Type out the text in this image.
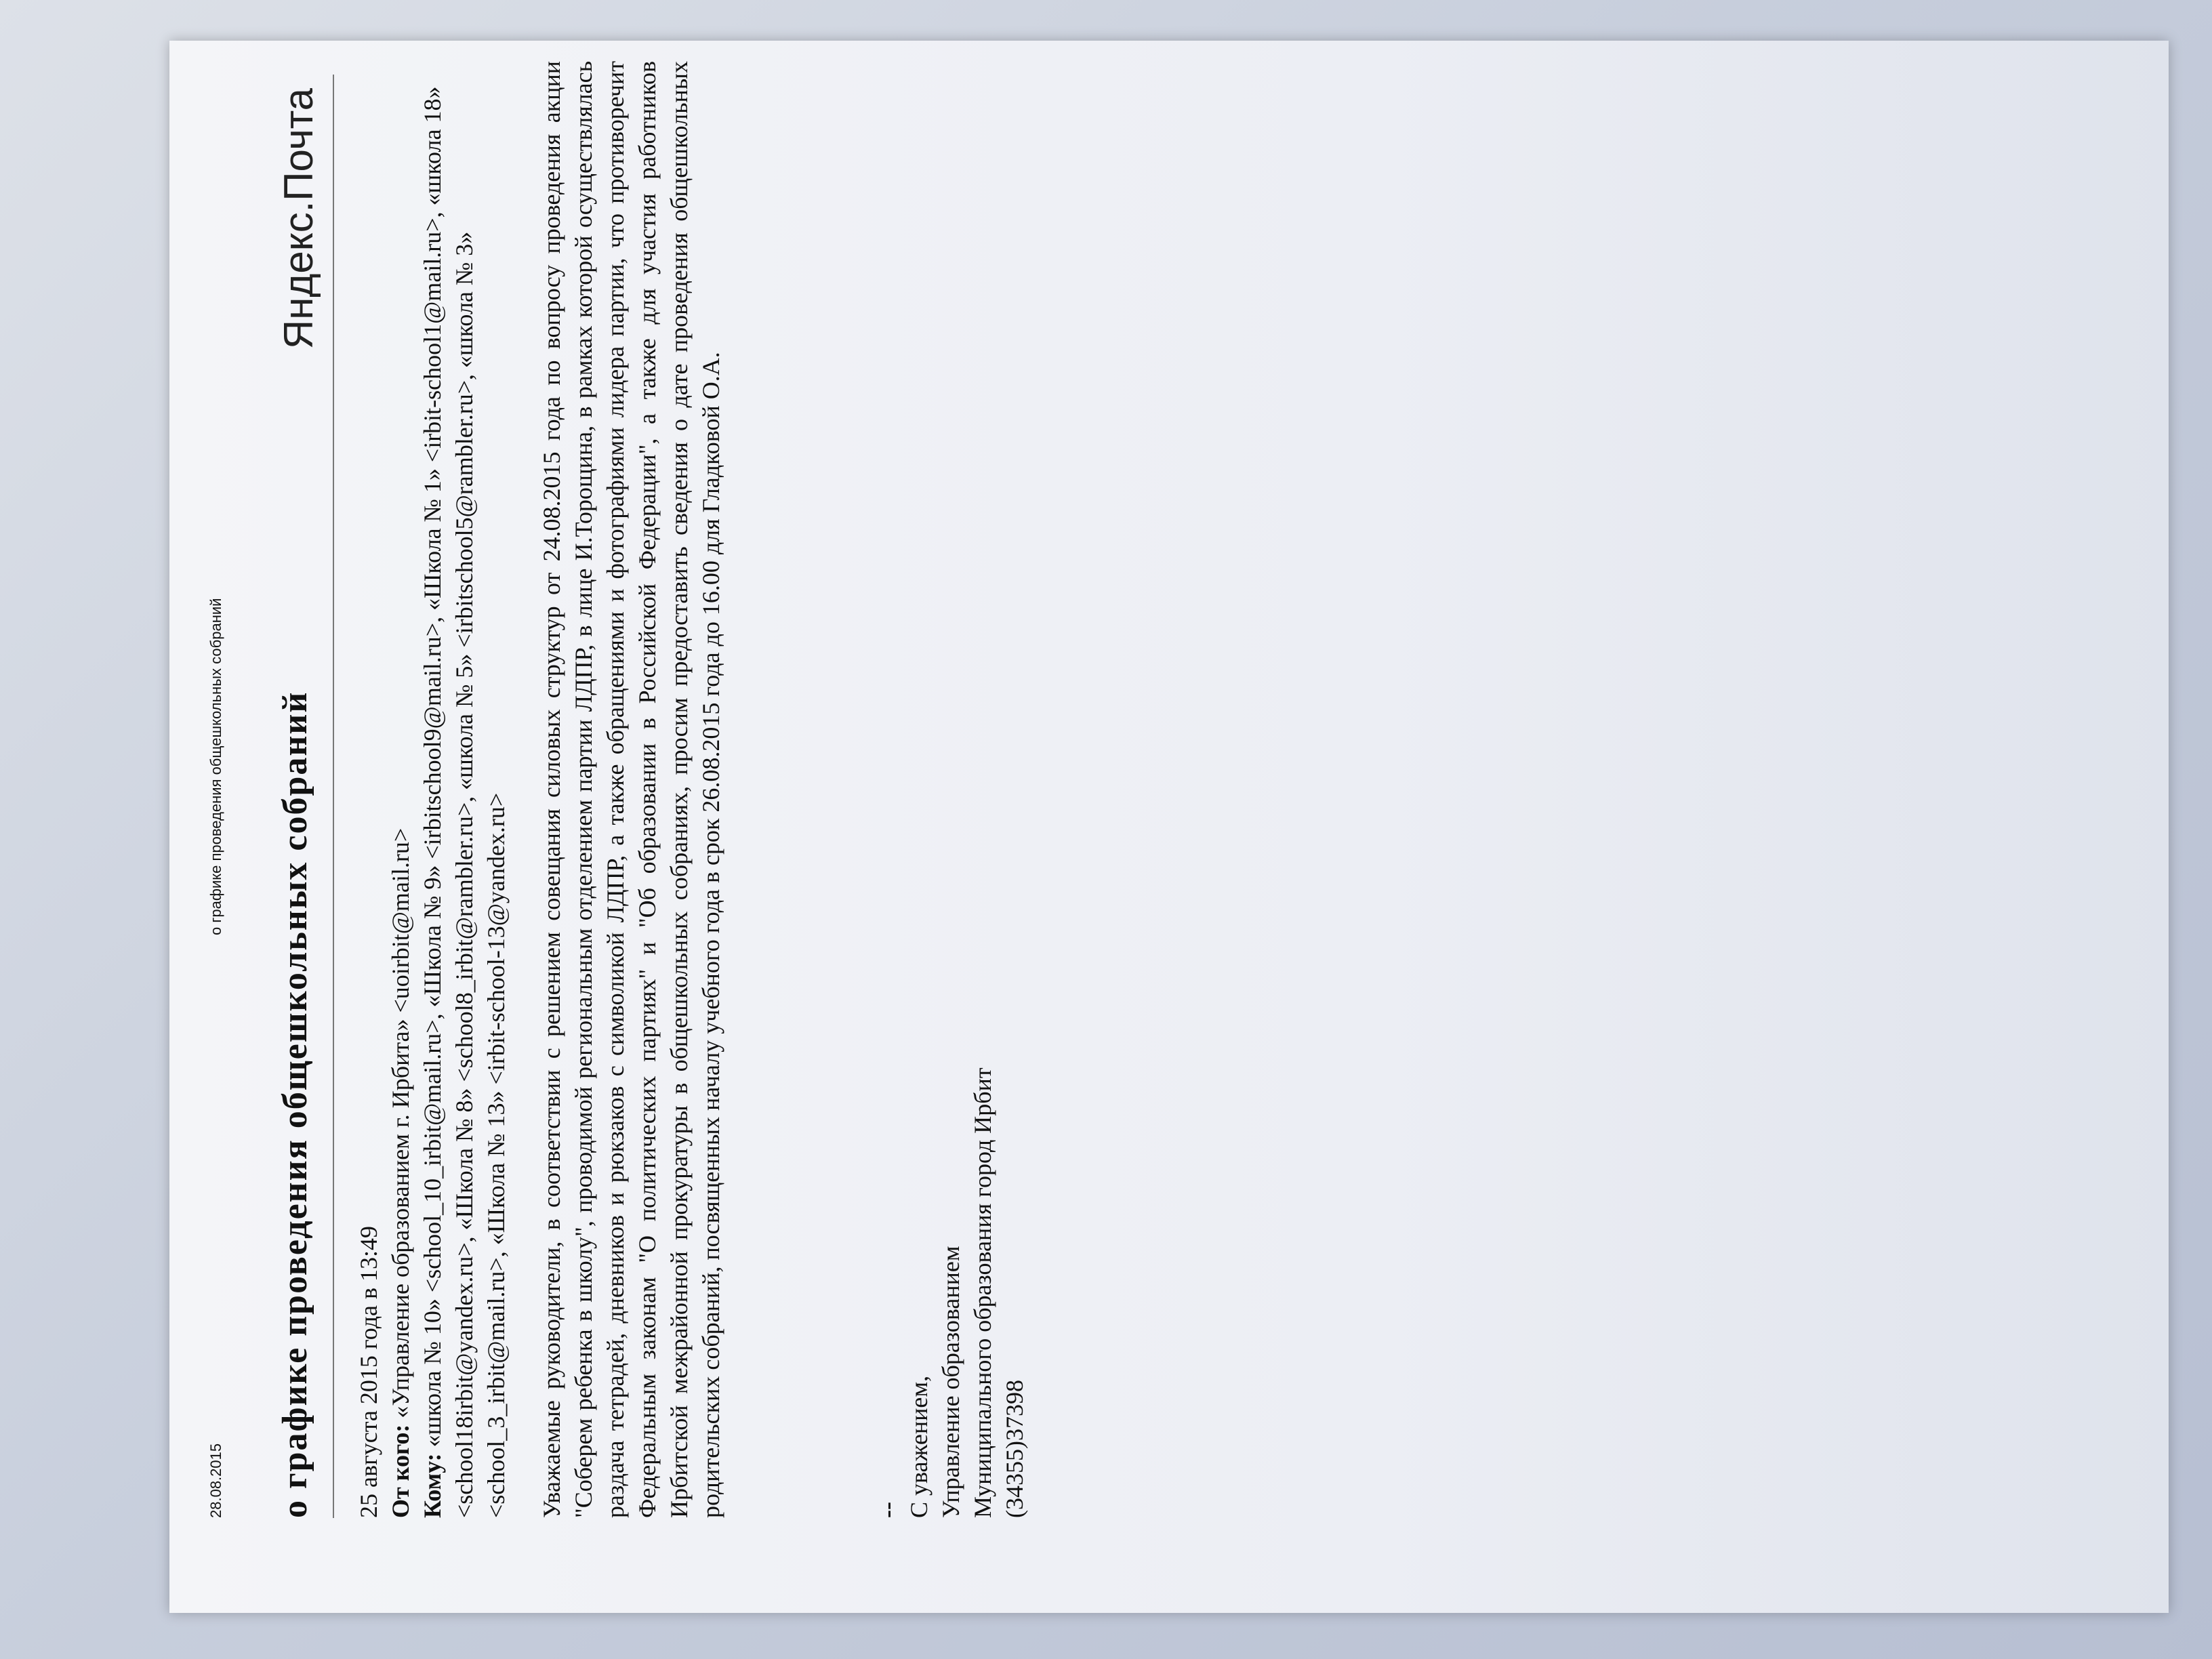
28.08.2015
о графике проведения общешкольных собраний о графике проведения общешкольных собраний
Яндекс.Почта
25 августа 2015 года в 13:49 От кого: «Управление образованием г. Ирбита» <uoirbit@mail.ru>
Кому: «школа № 10» <school_10_irbit@mail.ru>, «Школа № 9» <irbitschool9@mail.ru>, «Школа № 1» <irbit-school1@mail.ru>, «школа 18» <school18irbit@yandex.ru>, «Школа № 8» <school8_irbit@rambler.ru>, «школа № 5» <irbitschool5@rambler.ru>, «школа № 3» <school_3_irbit@mail.ru>, «Школа № 13» <irbit-school-13@yandex.ru> Уважаемые руководители, в соответствии с решением совещания силовых структур от 24.08.2015 года по вопросу проведения акции "Соберем ребенка в школу", проводимой региональным отделением партии ЛДПР, в лице И.Торощина, в рамках которой осуществлялась раздача тетрадей, дневников и рюкзаков с символикой ЛДПР, а также обращениями и фотографиями лидера партии, что противоречит Федеральным законам "О политических партиях" и "Об образовании в Российской Федерации", а также для участия работников Ирбитской межрайонной прокуратуры в общешкольных собраниях, просим предоставить сведения о дате проведения общешкольных родительских собраний, посвященных началу учебного года в срок 26.08.2015 года до 16.00 для Гладковой О.А.	-- С уважением, Управление образованием Муниципального образования город Ирбит (34355)37398
